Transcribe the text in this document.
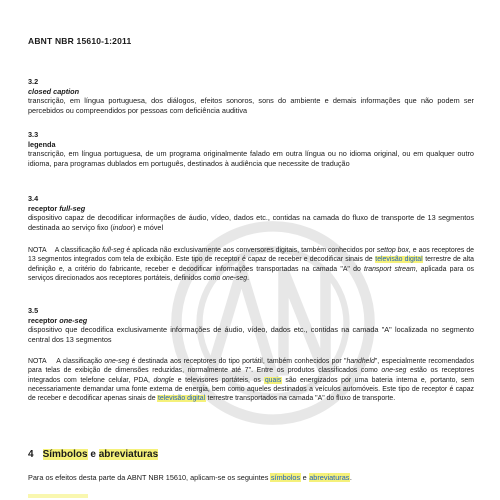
ABNT NBR 15610-1:2011
3.2
closed caption
transcrição, em língua portuguesa, dos diálogos, efeitos sonoros, sons do ambiente e demais informações que não podem ser percebidos ou compreendidos por pessoas com deficiência auditiva
3.3
legenda
transcrição, em língua portuguesa, de um programa originalmente falado em outra língua ou no idioma original, ou em qualquer outro idioma, para programas dublados em português, destinados à audiência que necessite de tradução
3.4
receptor full-seg
dispositivo capaz de decodificar informações de áudio, vídeo, dados etc., contidas na camada do fluxo de transporte de 13 segmentos destinada ao serviço fixo (indoor) e móvel
NOTA A classificação full-seg é aplicada não exclusivamente aos conversores digitais, também conhecidos por settop box, e aos receptores de 13 segmentos integrados com tela de exibição. Este tipo de receptor é capaz de receber e decodificar sinais de televisão digital terrestre de alta definição e, a critério do fabricante, receber e decodificar informações transportadas na camada "A" do transport stream, aplicada para os serviços direcionados aos receptores portáteis, definidos como one-seg.
3.5
receptor one-seg
dispositivo que decodifica exclusivamente informações de áudio, vídeo, dados etc., contidas na camada "A" localizada no segmento central dos 13 segmentos
NOTA A classificação one-seg é destinada aos receptores do tipo portátil, também conhecidos por "handheld", especialmente recomendados para telas de exibição de dimensões reduzidas, normalmente até 7". Entre os produtos classificados como one-seg estão os receptores integrados com telefone celular, PDA, dongle e televisores portáteis, os quais são energizados por uma bateria interna e, portanto, sem necessariamente demandar uma fonte externa de energia, bem como aqueles destinados a veículos automóveis. Este tipo de receptor é capaz de receber e decodificar apenas sinais de televisão digital terrestre transportados na camada "A" do fluxo de transporte.
4 Símbolos e abreviaturas
Para os efeitos desta parte da ABNT NBR 15610, aplicam-se os seguintes símbolos e abreviaturas.
